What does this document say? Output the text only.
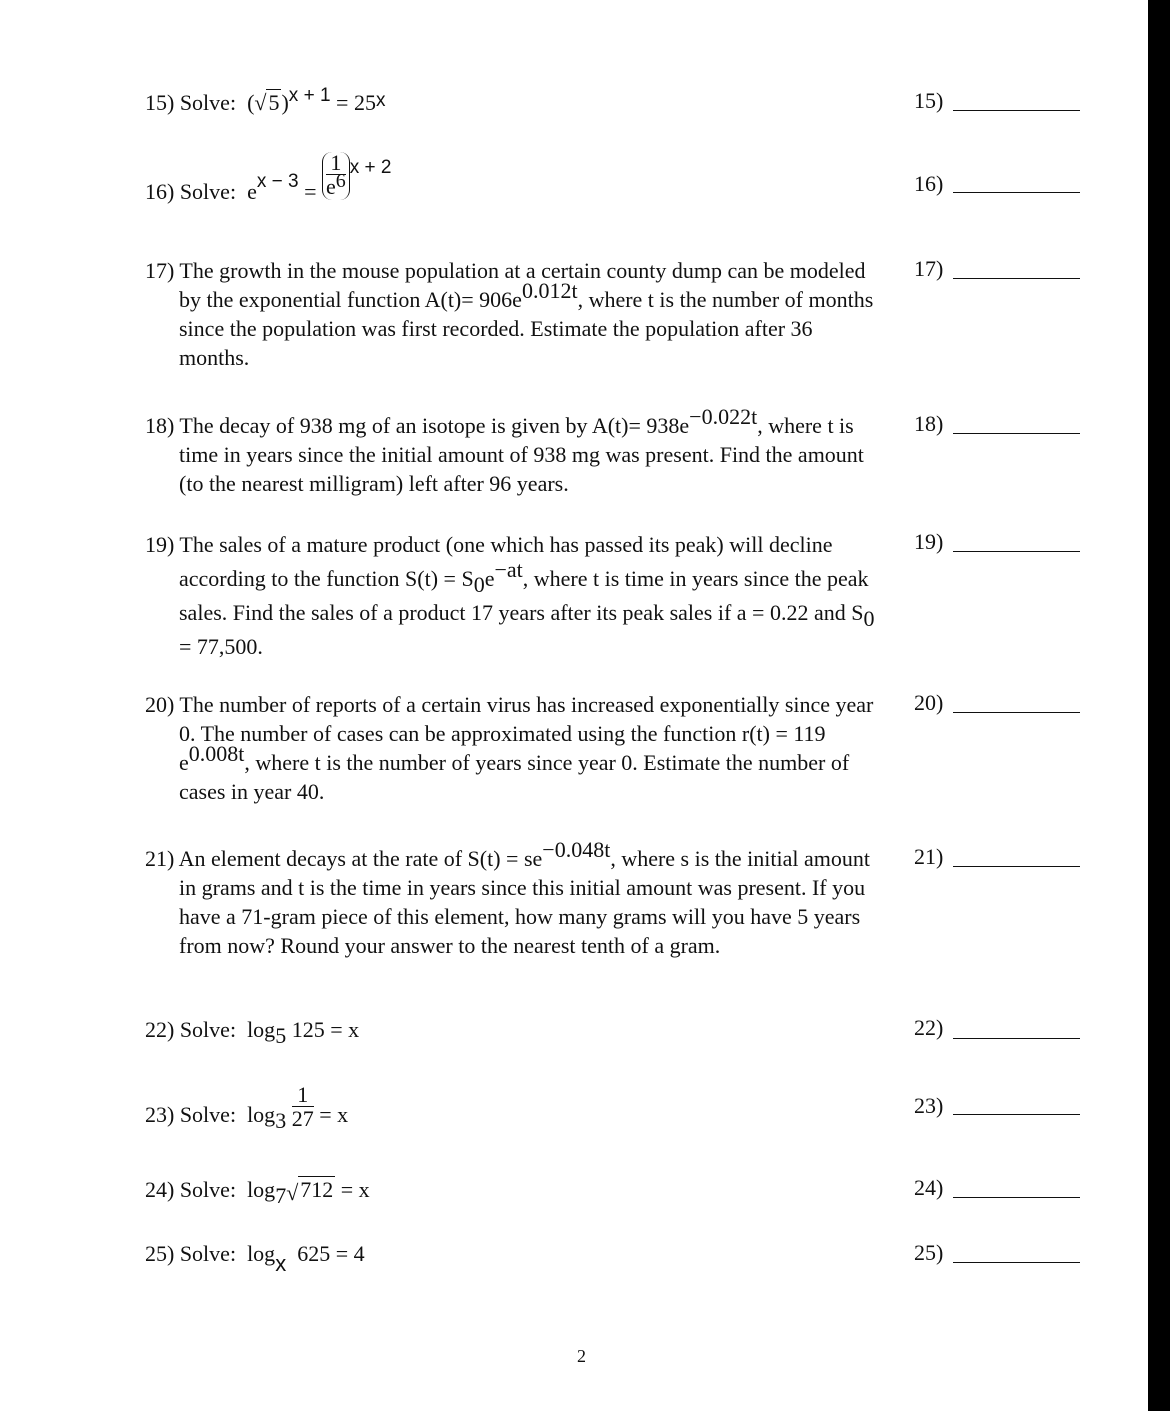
15) Solve: (√5)x + 1 = 25x
16) Solve: ex − $3 = \frac{1}{e6}$ x + 2
17) The growth in the mouse population at a certain county dump can be modeled by the exponential function A(t)= 906e0.012t, where t is the number of months since the population was first recorded. Estimate the population after 36 months.
18) The decay of 938 mg of an isotope is given by A(t)= 938e−0.022t, where t is time in years since the initial amount of 938 mg was present. Find the amount (to the nearest milligram) left after 96 years.
19) The sales of a mature product (one which has passed its peak) will decline according to the function S(t) = S0e−at, where t is time in years since the peak sales. Find the sales of a product 17 years after its peak sales if a = 0.22 and S0 = 77,500.
20) The number of reports of a certain virus has increased exponentially since year 0. The number of cases can be approximated using the function r(t) = 119 e0.008t, where t is the number of years since year 0. Estimate the number of cases in year 40.
21) An element decays at the rate of S(t) = se−0.048t, where s is the initial amount in grams and t is the time in years since this initial amount was present. If you have a 71-gram piece of this element, how many grams will you have 5 years from now? Round your answer to the nearest tenth of a gram.
22) Solve: log5 125 = x
23) Solve: $\log 3 \frac{1}{27} = x$
24) Solve: log7√712 = x
25) Solve: logx 625 = 4
15)
16)
17)
18)
19)
20)
21)
22)
23)
24)
25)
2
